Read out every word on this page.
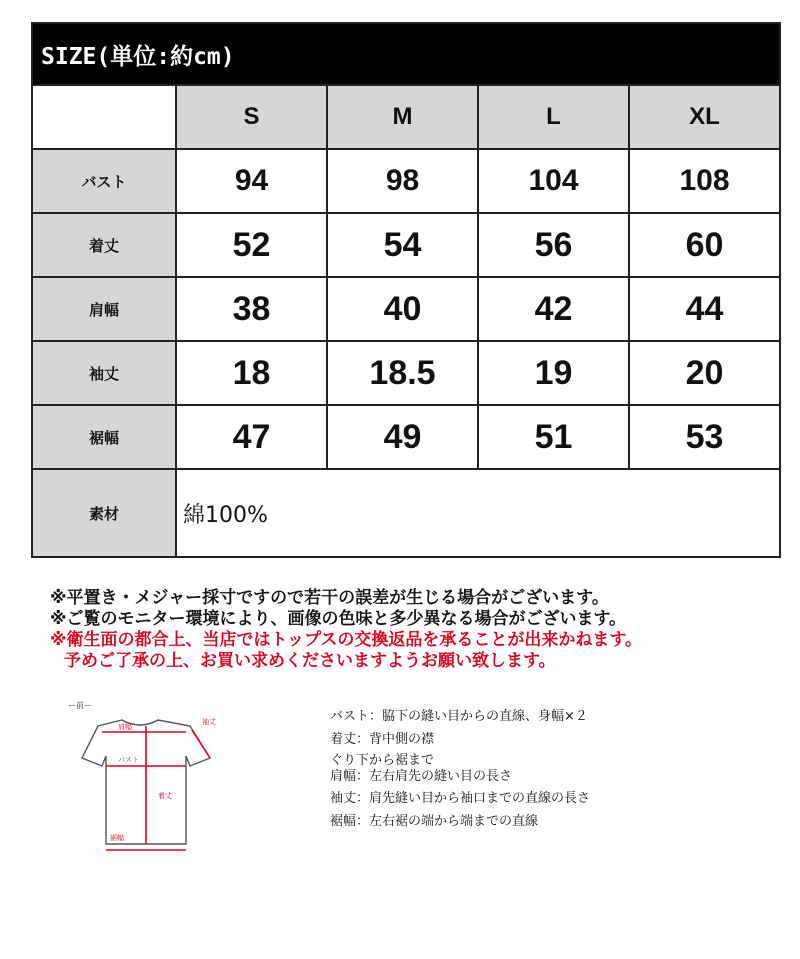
SIZE(単位:約cm)				
	S	M	L	XL
バスト	94	98	104	108
着丈	52	54	56	60
肩幅	38	40	42	44
袖丈	18	18.5	19	20
裾幅	47	49	51	53
素材	綿100%			
※平置き・メジャー採寸ですので若干の誤差が生じる場合がございます。
※ご覧のモニター環境により、画像の色味と多少異なる場合がございます。
※衛生面の都合上、当店ではトップスの交換返品を承ることが出来かねます。
予めご了承の上、お買い求めくださいますようお願い致します。
ー前ー
肩幅
袖丈
バスト
着丈
裾幅
バスト：脇下の縫い目からの直線、身幅×２
着丈：背中側の襟
ぐり下から裾まで
肩幅：左右肩先の縫い目の長さ
袖丈：肩先縫い目から袖口までの直線の長さ
裾幅：左右裾の端から端までの直線
